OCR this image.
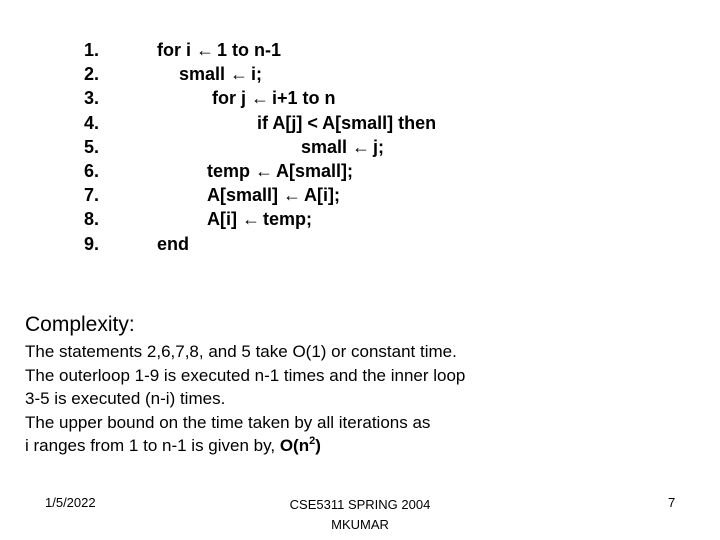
1.
2.
3.
4.
5.
6.
7.
8.
9.
for i ← 1 to n-1
small ← i;
for j ← i+1 to n
if A[j] < A[small] then
small ← j;
temp ← A[small];
A[small] ← A[i];
A[i] ← temp;
end
Complexity:

The statements 2,6,7,8, and 5 take O(1) or constant time.

The outerloop 1-9 is executed n-1 times and the inner loop

3-5 is executed (n-i) times.

The upper bound on the time taken by all iterations as

i ranges from 1 to n-1 is given by, $O(n^2)$

1/5/2022	CSE5311 SPRING 2004
MKUMAR
7
